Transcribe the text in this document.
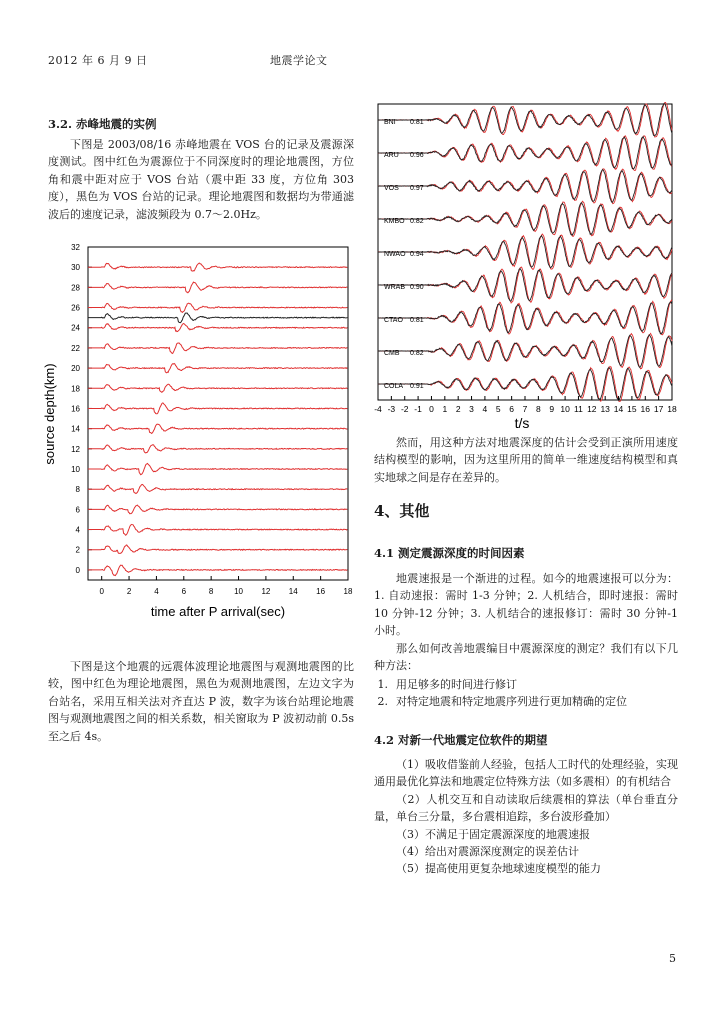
2012 年 6 月 9 日	地震学论文
3.2. 赤峰地震的实例

下图是 2003/08/16 赤峰地震在 VOS 台的记录及震源深度测试。图中红色为震源位于不同深度时的理论地震图，方位角和震中距对应于 VOS 台站（震中距 33 度，方位角 303 度），黑色为 VOS 台站的记录。理论地震图和数据均为带通滤波后的速度记录，滤波频段为 0.7～2.0Hz。

0
2
4
6
8
10
12
14
16
18
20
22
24
26
28
30
32
0	2	4	6	8	10 12 14 16 18
time after P arrival(sec)
source depth(km)

下图是这个地震的远震体波理论地震图与观测地震图的比较，图中红色为理论地震图，黑色为观测地震图，左边文字为台站名，采用互相关法对齐直达 P 波，数字为该台站理论地震图与观测地震图之间的相关系数，相关窗取为 P 波初动前 0.5s 至之后 4s。

BNI 0.81
ARU 0.96
VOS 0.97
KMBO 0.82
NWAO 0.94
WRAB 0.90
CTAO 0.81
CMB 0.82
COLA 0.91
-4 -3 -2 -1 0 1 2 3 4 5 6 7 8 9 10 11 12 13 14 15 16 17 18
t/s

然而，用这种方法对地震深度的估计会受到正演所用速度结构模型的影响，因为这里所用的简单一维速度结构模型和真实地球之间是存在差异的。

4、其他
4.1 测定震源深度的时间因素

地震速报是一个渐进的过程。如今的地震速报可以分为：1. 自动速报：需时 1-3 分钟；2. 人机结合，即时速报：需时 10 分钟-12 分钟；3. 人机结合的速报修订：需时 30 分钟-1 小时。

那么如何改善地震编目中震源深度的测定？我们有以下几种方法：

1. 用足够多的时间进行修订
2. 对特定地震和特定地震序列进行更加精确的定位
4.2 对新一代地震定位软件的期望

（1）吸收借鉴前人经验，包括人工时代的处理经验，实现通用最优化算法和地震定位特殊方法（如多震相）的有机结合

（2）人机交互和自动读取后续震相的算法（单台垂直分量，单台三分量，多台震相追踪，多台波形叠加）

（3）不满足于固定震源深度的地震速报

（4）给出对震源深度测定的误差估计

（5）提高使用更复杂地球速度模型的能力

5
